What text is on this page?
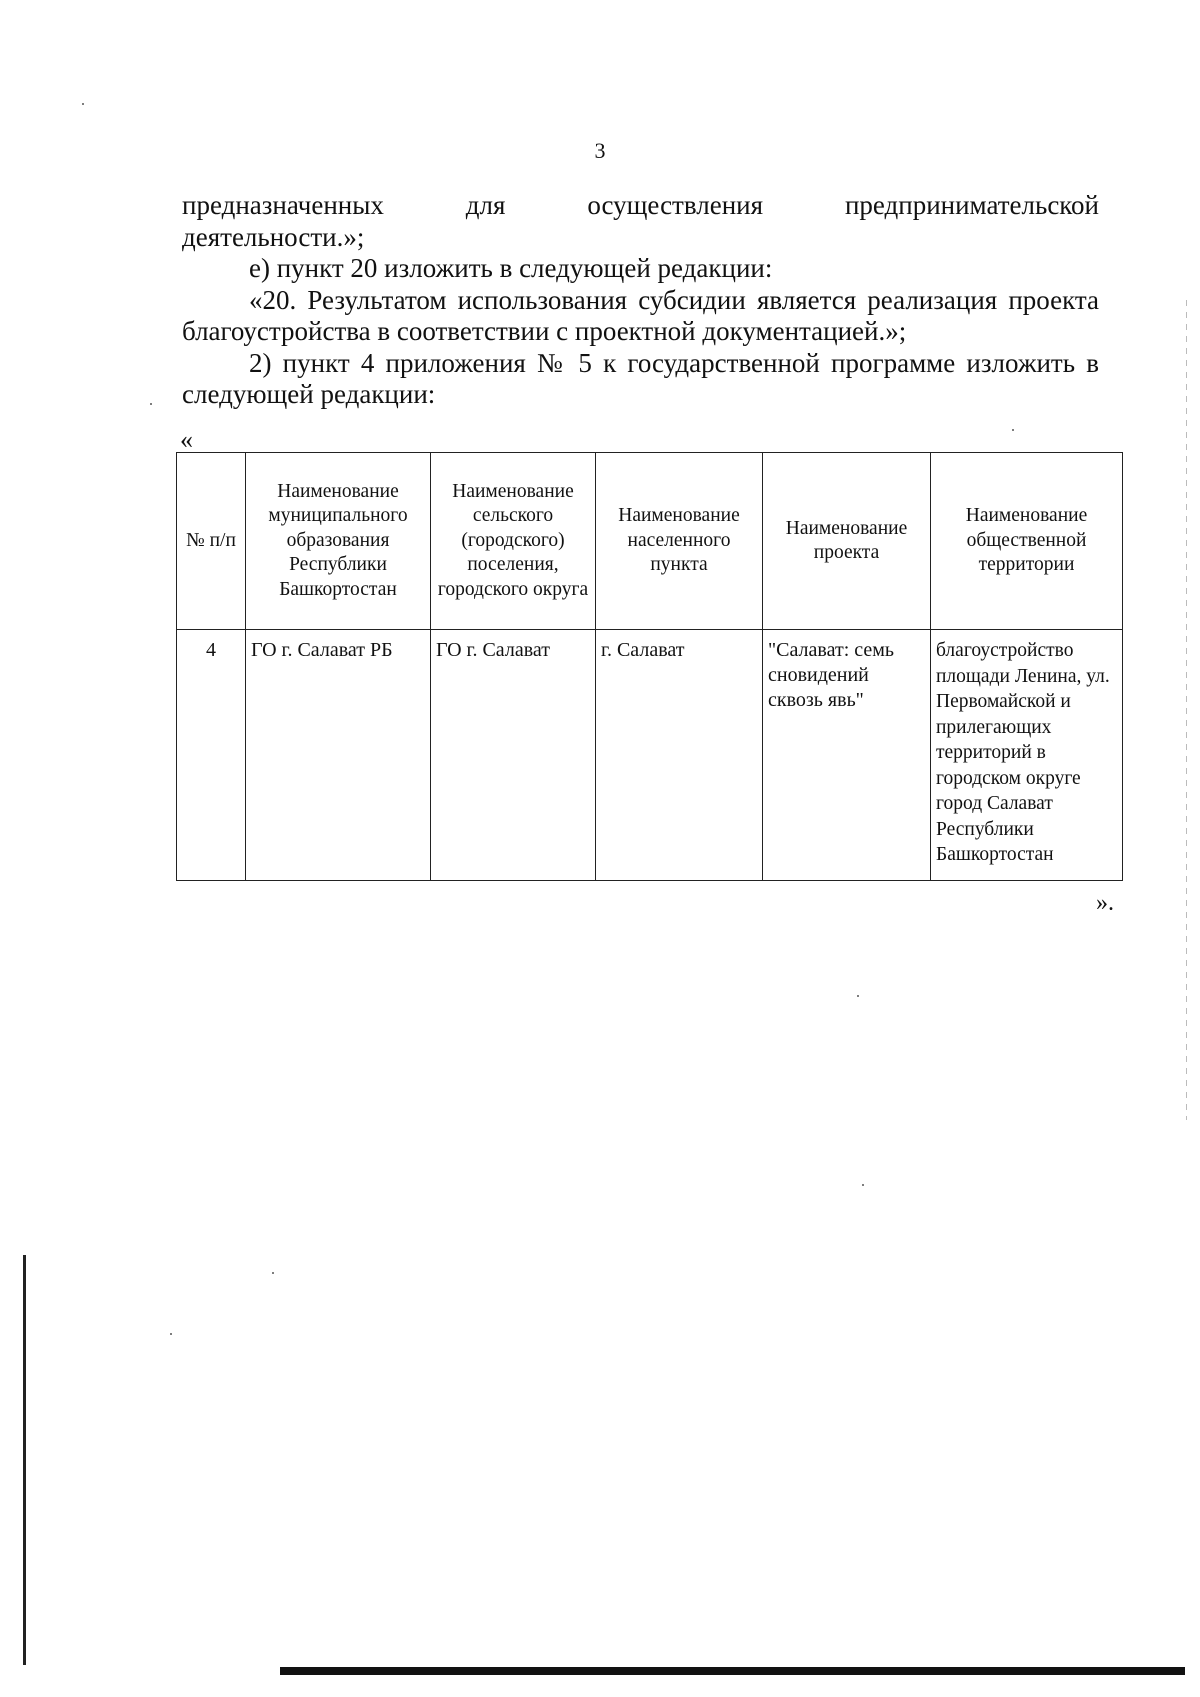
3

предназначенных для осуществления предпринимательской

деятельности.»;

е) пункт 20 изложить в следующей редакции:

«20. Результатом использования субсидии является реализация проекта благоустройства в соответствии с проектной документацией.»;

2) пункт 4 приложения № 5 к государственной программе изложить в следующей редакции:

«
№ п/п	Наименование муниципального образования Республики Башкортостан	Наименование сельского (городского) поселения, городского округа	Наименование населенного пункта	Наименование проекта	Наименование общественной территории
4	ГО г. Салават РБ	ГО г. Салават	г. Салават	"Салават: семь сновидений сквозь явь"	благоустройство площади Ленина, ул. Первомайской и прилегающих территорий в городском округе город Салават Республики Башкортостан
».
